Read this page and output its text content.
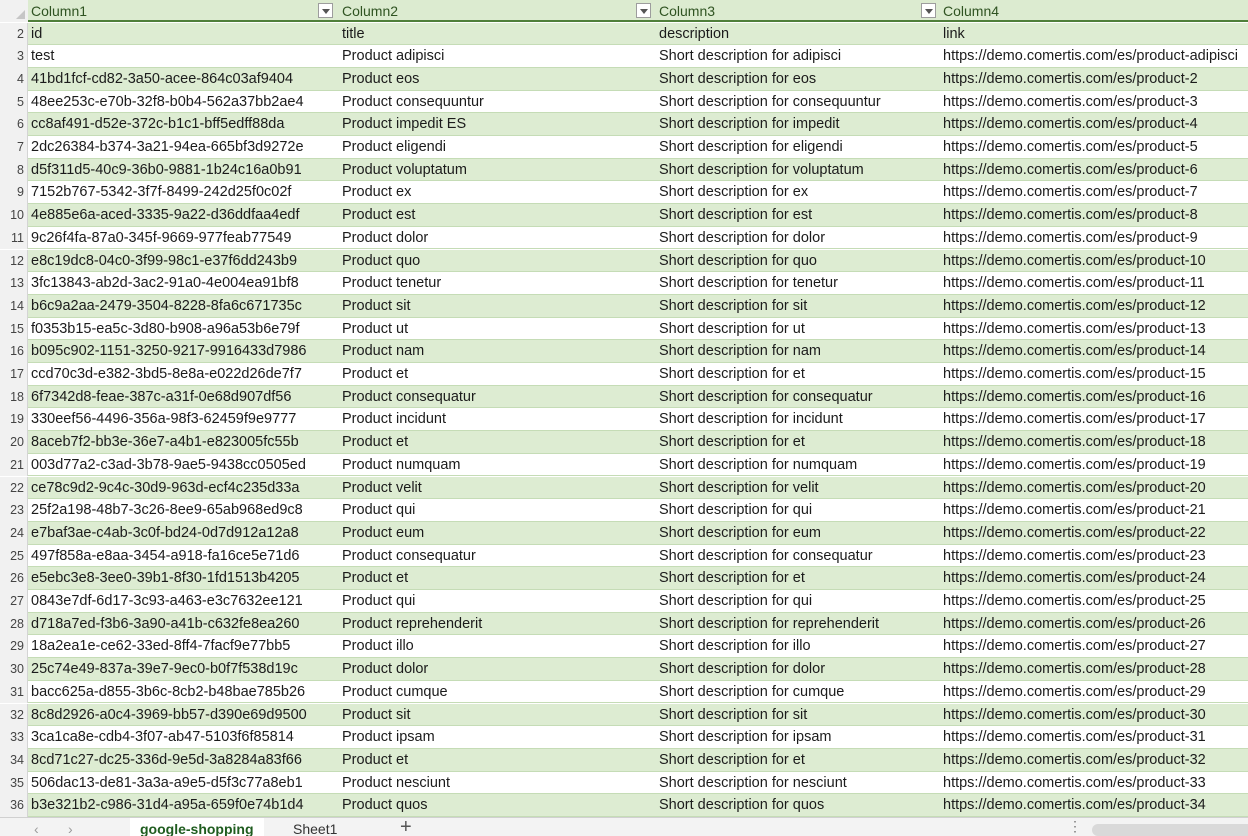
Column1	Column2	Column3	Column4
2 id	title	description	link
3 test	Product adipisci	Short description for adipisci	https://demo.comertis.com/es/product-adipisci
4 41bd1fcf-cd82-3a50-acee-864c03af9404	Product eos	Short description for eos	https://demo.comertis.com/es/product-2
5 48ee253c-e70b-32f8-b0b4-562a37bb2ae4	Product consequuntur	Short description for consequuntur	https://demo.comertis.com/es/product-3
6 cc8af491-d52e-372c-b1c1-bff5edff88da	Product impedit ES	Short description for impedit	https://demo.comertis.com/es/product-4
7 2dc26384-b374-3a21-94ea-665bf3d9272e	Product eligendi	Short description for eligendi	https://demo.comertis.com/es/product-5
8 d5f311d5-40c9-36b0-9881-1b24c16a0b91	Product voluptatum	Short description for voluptatum	https://demo.comertis.com/es/product-6
9 7152b767-5342-3f7f-8499-242d25f0c02f	Product ex	Short description for ex	https://demo.comertis.com/es/product-7
10 4e885e6a-aced-3335-9a22-d36ddfaa4edf	Product est	Short description for est	https://demo.comertis.com/es/product-8
11 9c26f4fa-87a0-345f-9669-977feab77549	Product dolor	Short description for dolor	https://demo.comertis.com/es/product-9
12 e8c19dc8-04c0-3f99-98c1-e37f6dd243b9	Product quo	Short description for quo	https://demo.comertis.com/es/product-10
13 3fc13843-ab2d-3ac2-91a0-4e004ea91bf8	Product tenetur	Short description for tenetur	https://demo.comertis.com/es/product-11
14 b6c9a2aa-2479-3504-8228-8fa6c671735c	Product sit	Short description for sit	https://demo.comertis.com/es/product-12
15 f0353b15-ea5c-3d80-b908-a96a53b6e79f	Product ut	Short description for ut	https://demo.comertis.com/es/product-13
16 b095c902-1151-3250-9217-9916433d7986	Product nam	Short description for nam	https://demo.comertis.com/es/product-14
17 ccd70c3d-e382-3bd5-8e8a-e022d26de7f7	Product et	Short description for et	https://demo.comertis.com/es/product-15
18 6f7342d8-feae-387c-a31f-0e68d907df56	Product consequatur	Short description for consequatur	https://demo.comertis.com/es/product-16
19 330eef56-4496-356a-98f3-62459f9e9777	Product incidunt	Short description for incidunt	https://demo.comertis.com/es/product-17
20 8aceb7f2-bb3e-36e7-a4b1-e823005fc55b	Product et	Short description for et	https://demo.comertis.com/es/product-18
21 003d77a2-c3ad-3b78-9ae5-9438cc0505ed	Product numquam	Short description for numquam	https://demo.comertis.com/es/product-19
22 ce78c9d2-9c4c-30d9-963d-ecf4c235d33a	Product velit	Short description for velit	https://demo.comertis.com/es/product-20
23 25f2a198-48b7-3c26-8ee9-65ab968ed9c8	Product qui	Short description for qui	https://demo.comertis.com/es/product-21
24 e7baf3ae-c4ab-3c0f-bd24-0d7d912a12a8	Product eum	Short description for eum	https://demo.comertis.com/es/product-22
25 497f858a-e8aa-3454-a918-fa16ce5e71d6	Product consequatur	Short description for consequatur	https://demo.comertis.com/es/product-23
26 e5ebc3e8-3ee0-39b1-8f30-1fd1513b4205	Product et	Short description for et	https://demo.comertis.com/es/product-24
27 0843e7df-6d17-3c93-a463-e3c7632ee121	Product qui	Short description for qui	https://demo.comertis.com/es/product-25
28 d718a7ed-f3b6-3a90-a41b-c632fe8ea260	Product reprehenderit	Short description for reprehenderit	https://demo.comertis.com/es/product-26
29 18a2ea1e-ce62-33ed-8ff4-7facf9e77bb5	Product illo	Short description for illo	https://demo.comertis.com/es/product-27
30 25c74e49-837a-39e7-9ec0-b0f7f538d19c	Product dolor	Short description for dolor	https://demo.comertis.com/es/product-28
31 bacc625a-d855-3b6c-8cb2-b48bae785b26	Product cumque	Short description for cumque	https://demo.comertis.com/es/product-29
32 8c8d2926-a0c4-3969-bb57-d390e69d9500	Product sit	Short description for sit	https://demo.comertis.com/es/product-30
33 3ca1ca8e-cdb4-3f07-ab47-5103f6f85814	Product ipsam	Short description for ipsam	https://demo.comertis.com/es/product-31
34 8cd71c27-dc25-336d-9e5d-3a8284a83f66	Product et	Short description for et	https://demo.comertis.com/es/product-32
35 506dac13-de81-3a3a-a9e5-d5f3c77a8eb1	Product nesciunt	Short description for nesciunt	https://demo.comertis.com/es/product-33
36 b3e321b2-c986-31d4-a95a-659f0e74b1d4	Product quos	Short description for quos	https://demo.comertis.com/es/product-34
‹ ›	google-shopping	Sheet1	+	⋮
